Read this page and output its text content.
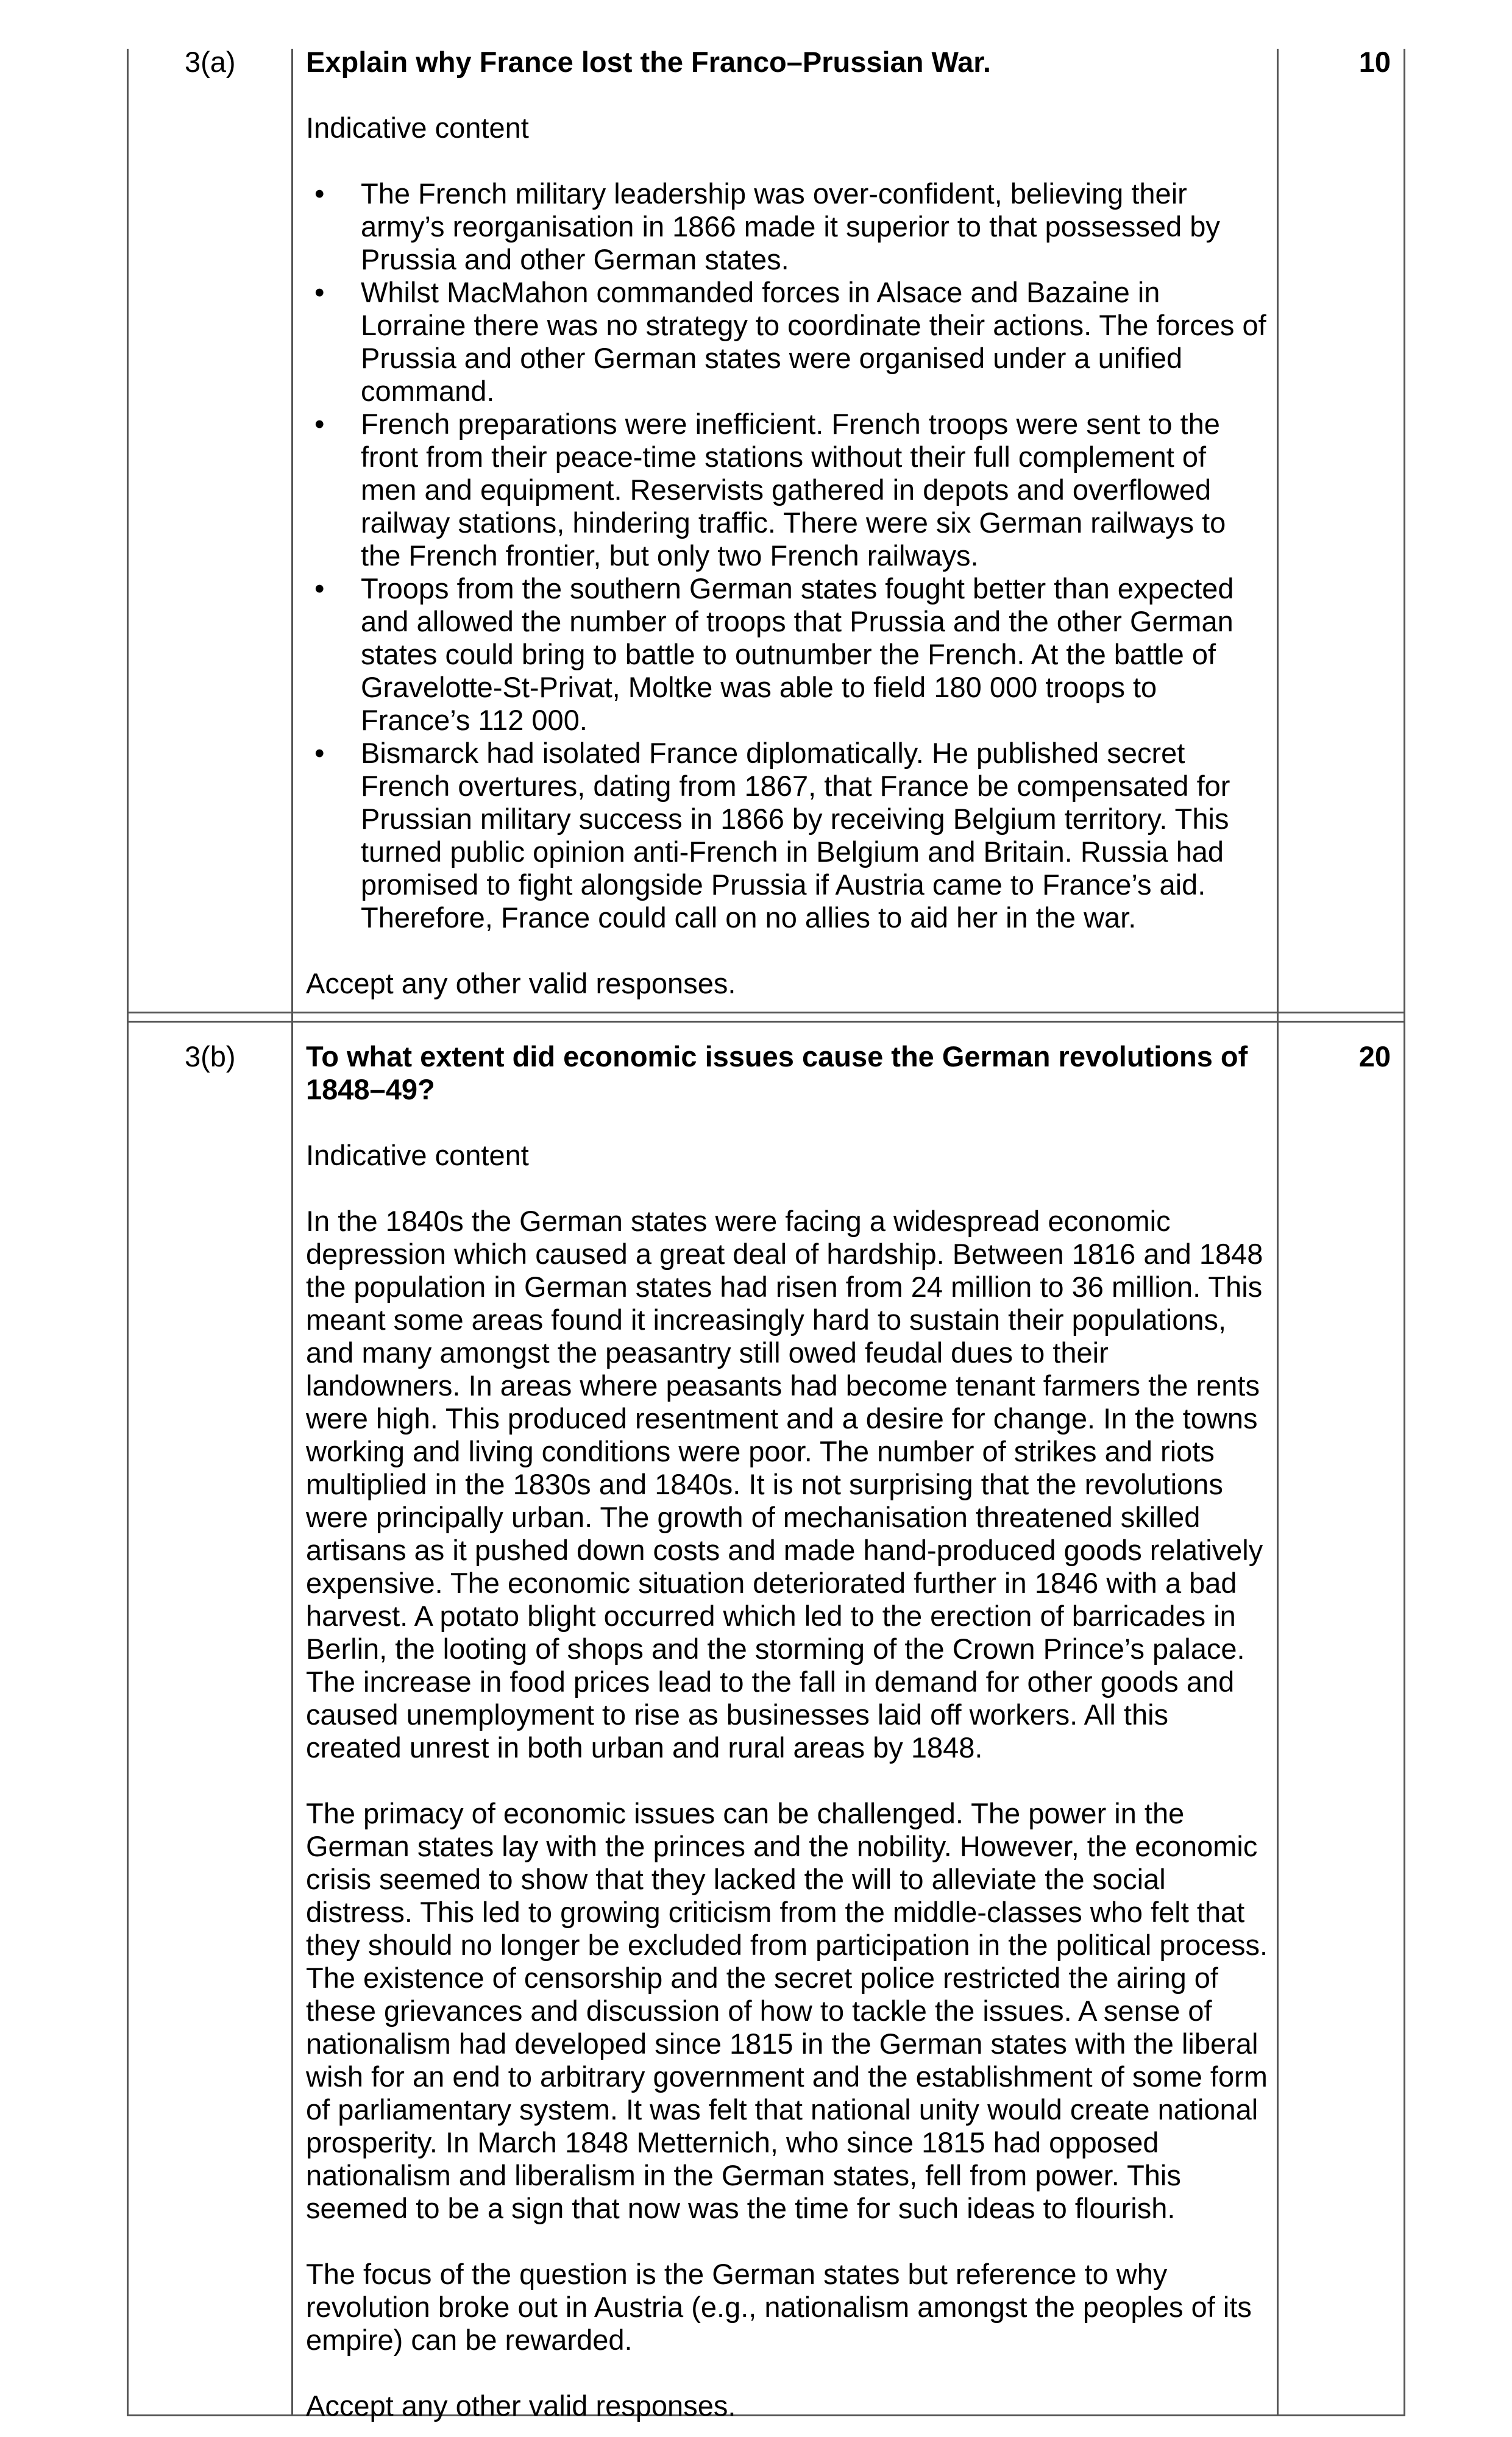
3(a)	10

Explain why France lost the Franco–Prussian War.

Indicative content

• The French military leadership was over-confident, believing their army’s reorganisation in 1866 made it superior to that possessed by Prussia and other German states.
• Whilst MacMahon commanded forces in Alsace and Bazaine in Lorraine there was no strategy to coordinate their actions. The forces of Prussia and other German states were organised under a unified command.
• French preparations were inefficient. French troops were sent to the front from their peace-time stations without their full complement of men and equipment. Reservists gathered in depots and overflowed railway stations, hindering traffic. There were six German railways to the French frontier, but only two French railways.
• Troops from the southern German states fought better than expected and allowed the number of troops that Prussia and the other German states could bring to battle to outnumber the French. At the battle of Gravelotte-St-Privat, Moltke was able to field 180 000 troops to France’s 112 000.
• Bismarck had isolated France diplomatically. He published secret French overtures, dating from 1867, that France be compensated for Prussian military success in 1866 by receiving Belgium territory. This turned public opinion anti-French in Belgium and Britain. Russia had promised to fight alongside Prussia if Austria came to France’s aid. Therefore, France could call on no allies to aid her in the war.

Accept any other valid responses.

3(b)	20

To what extent did economic issues cause the German revolutions of 1848–49?

Indicative content

In the 1840s the German states were facing a widespread economic depression which caused a great deal of hardship. Between 1816 and 1848 the population in German states had risen from 24 million to 36 million. This meant some areas found it increasingly hard to sustain their populations, and many amongst the peasantry still owed feudal dues to their landowners. In areas where peasants had become tenant farmers the rents were high. This produced resentment and a desire for change. In the towns working and living conditions were poor. The number of strikes and riots multiplied in the 1830s and 1840s. It is not surprising that the revolutions were principally urban. The growth of mechanisation threatened skilled artisans as it pushed down costs and made hand-produced goods relatively expensive. The economic situation deteriorated further in 1846 with a bad harvest. A potato blight occurred which led to the erection of barricades in Berlin, the looting of shops and the storming of the Crown Prince’s palace. The increase in food prices lead to the fall in demand for other goods and caused unemployment to rise as businesses laid off workers. All this created unrest in both urban and rural areas by 1848.

The primacy of economic issues can be challenged. The power in the German states lay with the princes and the nobility. However, the economic crisis seemed to show that they lacked the will to alleviate the social distress. This led to growing criticism from the middle-classes who felt that they should no longer be excluded from participation in the political process. The existence of censorship and the secret police restricted the airing of these grievances and discussion of how to tackle the issues. A sense of nationalism had developed since 1815 in the German states with the liberal wish for an end to arbitrary government and the establishment of some form of parliamentary system. It was felt that national unity would create national prosperity. In March 1848 Metternich, who since 1815 had opposed nationalism and liberalism in the German states, fell from power. This seemed to be a sign that now was the time for such ideas to flourish.

The focus of the question is the German states but reference to why revolution broke out in Austria (e.g., nationalism amongst the peoples of its empire) can be rewarded.

Accept any other valid responses.
